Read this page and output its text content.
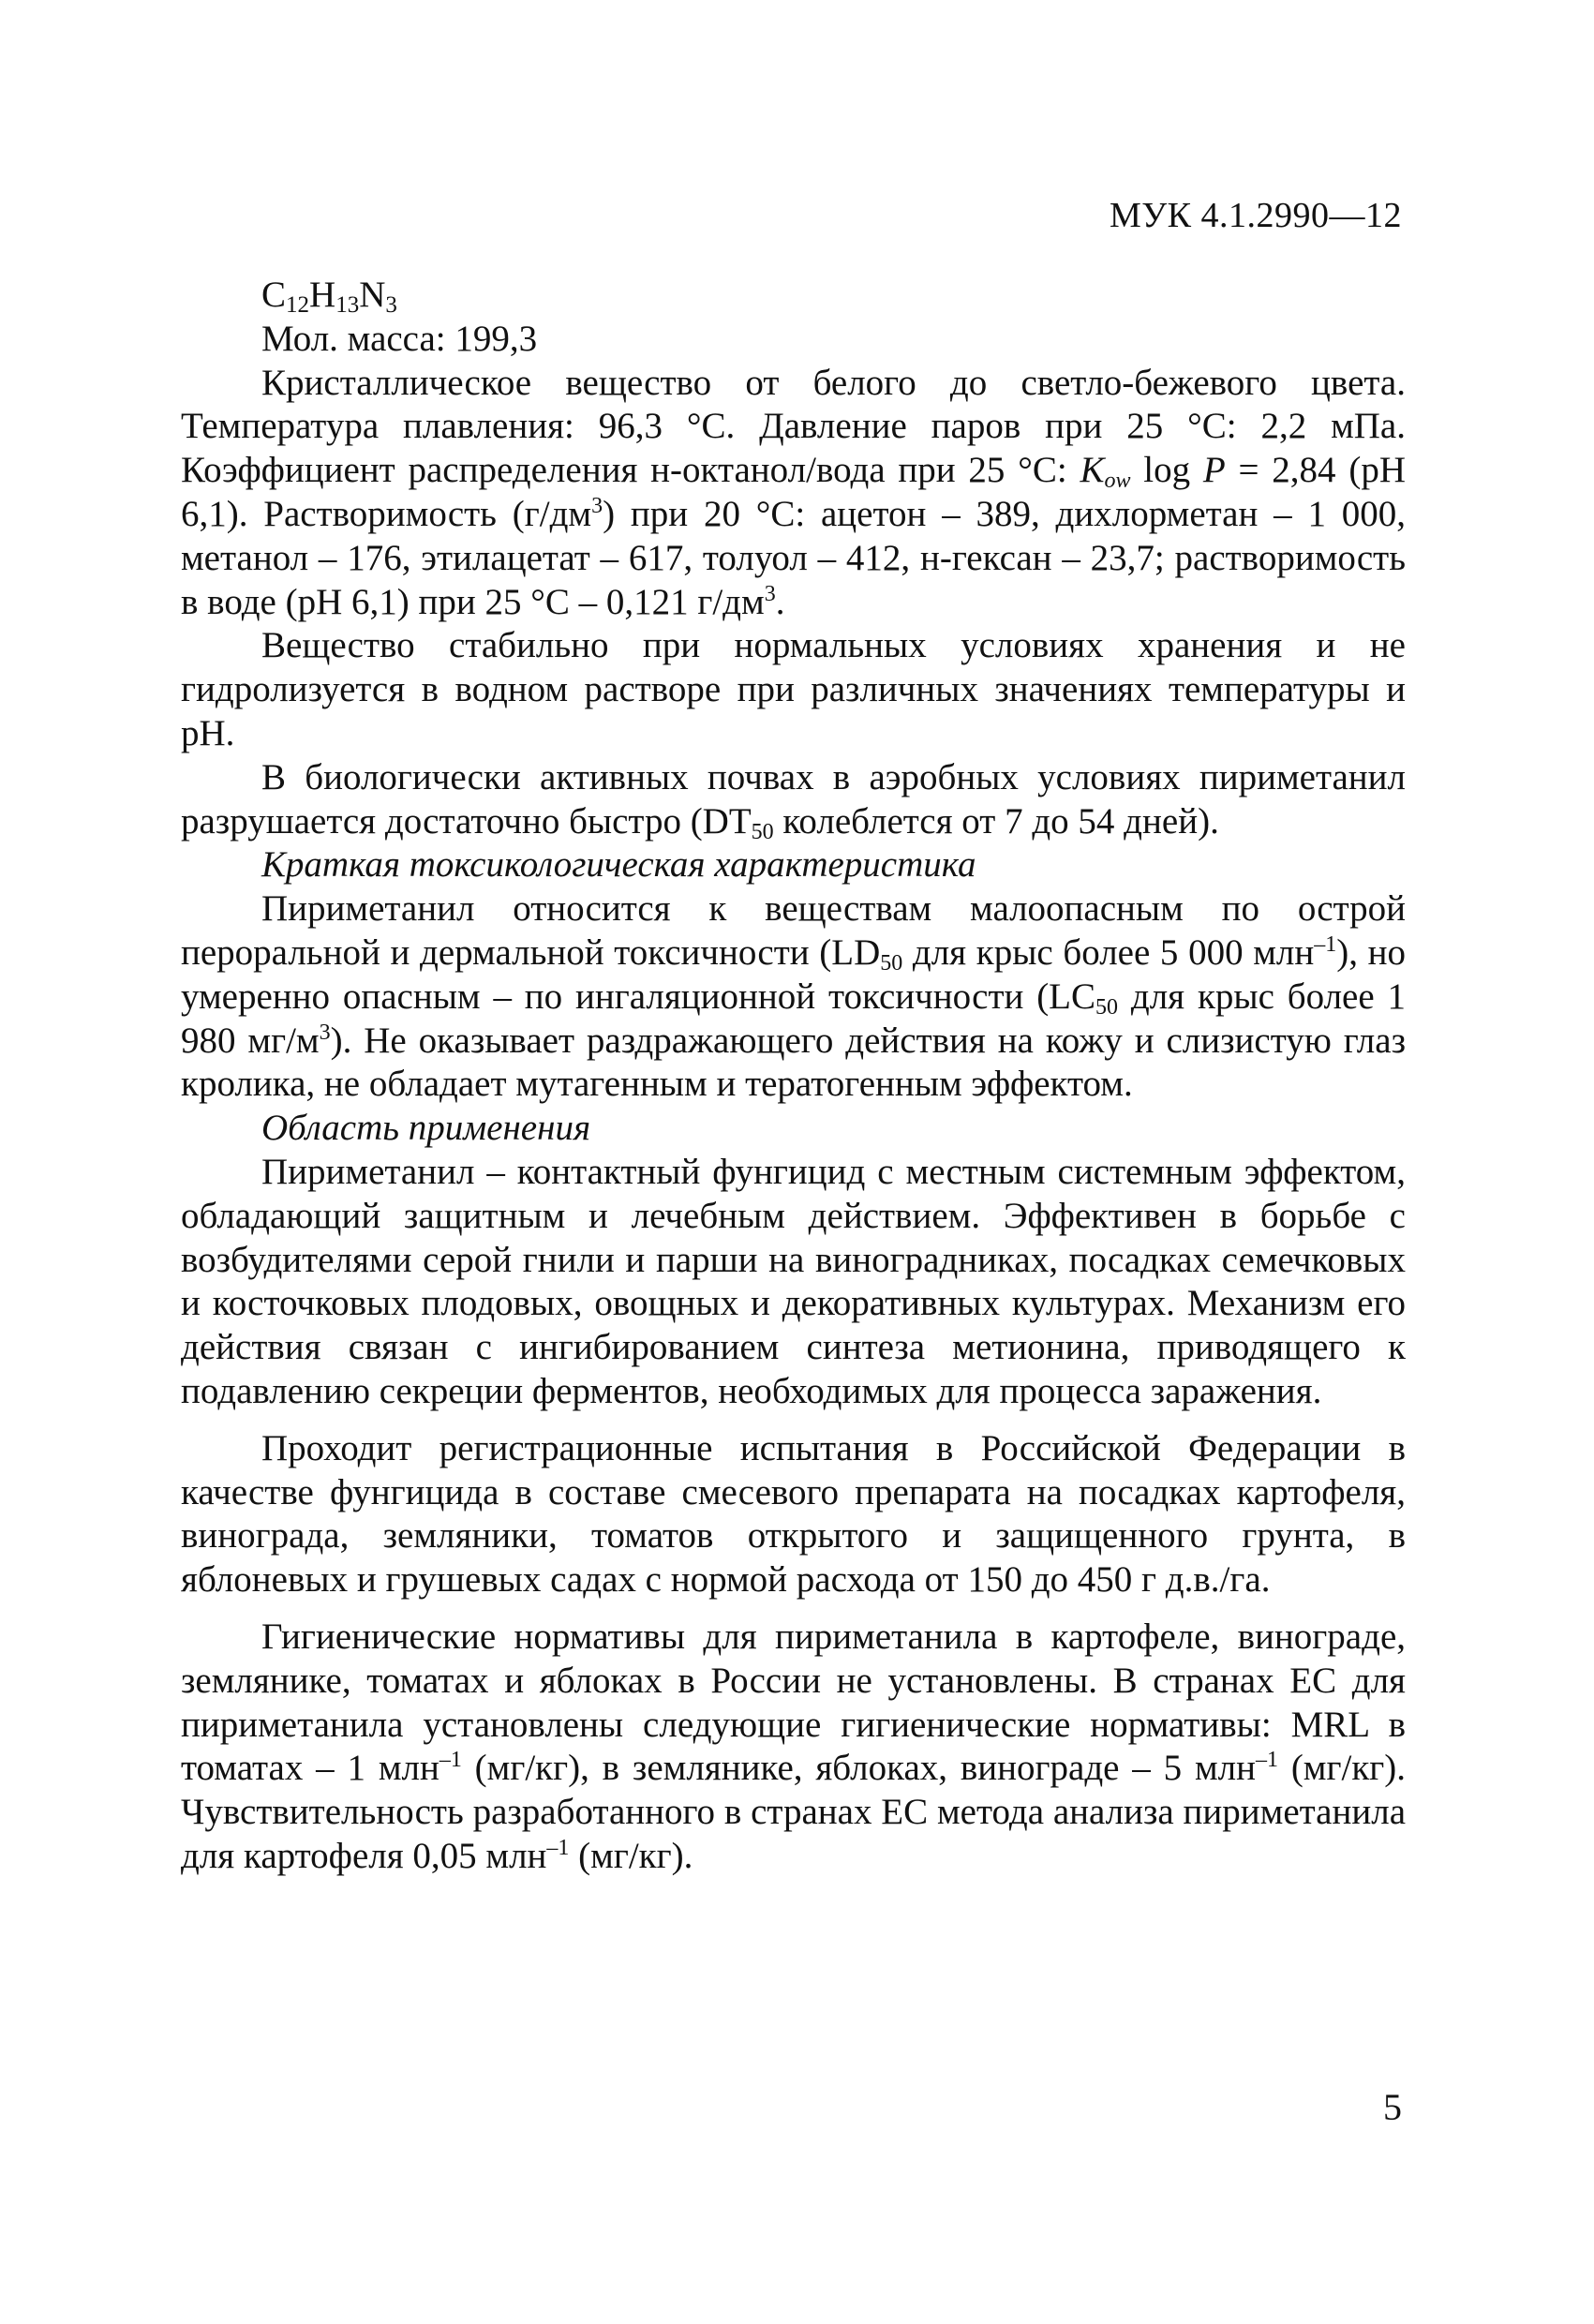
МУК 4.1.2990—12

$C_{12}H_{13}N_3$

Мол. масса: 199,3

Кристаллическое вещество от белого до светло-бежевого цвета. Температура плавления: 96,3 °С. Давление паров при 25 °С: 2,2 мПа. Коэффициент распределения н-октанол/вода при 25 °С: $K_{ow}$ log P = 2,84 (pH 6,1). Растворимость $(г/дм^3)$ при 20 °С: ацетон – 389, дихлорметан – 1 000, метанол – 176, этилацетат – 617, толуол – 412, н-гексан – 23,7; растворимость в воде (pH 6,1) при 25 °С – 0,121 $г/дм^3$.

Вещество стабильно при нормальных условиях хранения и не гидролизуется в водном растворе при различных значениях температуры и pH.

В биологически активных почвах в аэробных условиях пириметанил разрушается достаточно быстро ($DT_{50}$ колеблется от 7 до 54 дней).

Краткая токсикологическая характеристика

Пириметанил относится к веществам малоопасным по острой пероральной и дермальной токсичности ($LD_{50}$ для крыс более 5 000 млн$^{-1}$), но умеренно опасным – по ингаляционной токсичности ($LC_{50}$ для крыс более 1 980 $мг/м^3$). Не оказывает раздражающего действия на кожу и слизистую глаз кролика, не обладает мутагенным и тератогенным эффектом.

Область применения

Пириметанил – контактный фунгицид с местным системным эффектом, обладающий защитным и лечебным действием. Эффективен в борьбе с возбудителями серой гнили и парши на виноградниках, посадках семечковых и косточковых плодовых, овощных и декоративных культурах. Механизм его действия связан с ингибированием синтеза метионина, приводящего к подавлению секреции ферментов, необходимых для процесса заражения.

Проходит регистрационные испытания в Российской Федерации в качестве фунгицида в составе смесевого препарата на посадках картофеля, винограда, земляники, томатов открытого и защищенного грунта, в яблоневых и грушевых садах с нормой расхода от 150 до 450 г д.в./га.

Гигиенические нормативы для пириметанила в картофеле, винограде, землянике, томатах и яблоках в России не установлены. В странах ЕС для пириметанила установлены следующие гигиенические нормативы: MRL в томатах – 1 млн$^{-1}$ (мг/кг), в землянике, яблоках, винограде – 5 млн$^{-1}$ (мг/кг). Чувствительность разработанного в странах ЕС метода анализа пириметанила для картофеля 0,05 млн$^{-1}$ (мг/кг).

5
